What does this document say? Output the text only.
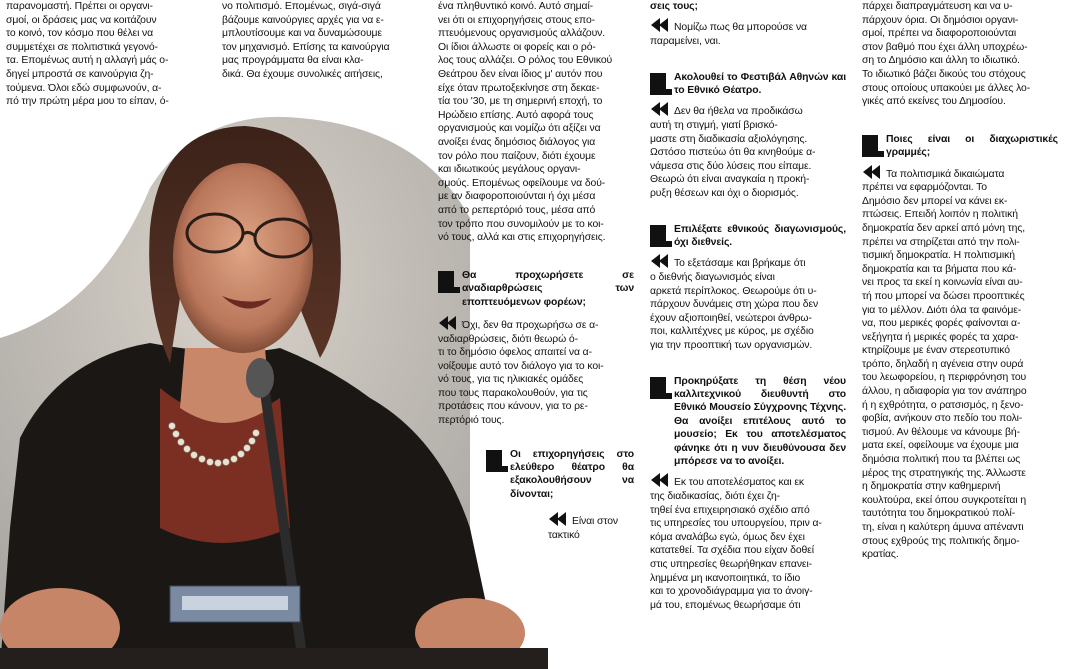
παρανομαστή. Πρέπει οι οργανι-
σμοί, οι δράσεις μας να κοιτάζουν
το κοινό, τον κόσμο που θέλει να
συμμετέχει σε πολιτιστικά γεγονό-
τα. Επομένως αυτή η αλλαγή μάς ο-
δηγεί μπροστά σε καινούργια ζη-
τούμενα. Όλοι εδώ συμφωνούν, α-
πό την πρώτη μέρα μου το είπαν, ό-
νο πολιτισμό. Επομένως, σιγά-σιγά
βάζουμε καινούργιες αρχές για να ε-
μπλουτίσουμε και να δυναμώσουμε
τον μηχανισμό. Επίσης τα καινούργια
μας προγράμματα θα είναι κλα-
δικά. Θα έχουμε συνολικές αιτήσεις,
ένα πληθυντικό κοινό. Αυτό σημαί-
νει ότι οι επιχορηγήσεις στους επο-
πτευόμενους οργανισμούς αλλάζουν.
Οι ίδιοι άλλωστε οι φορείς και ο ρό-
λος τους αλλάζει. Ο ρόλος του Εθνικού
Θεάτρου δεν είναι ίδιος μ' αυτόν που
είχε όταν πρωτοξεκίνησε στη δεκαε-
τία του '30, με τη σημερινή εποχή, το
Ηρώδειο επίσης. Αυτό αφορά τους
οργανισμούς και νομίζω ότι αξίζει να
ανοίξει ένας δημόσιος διάλογος για
τον ρόλο που παίζουν, διότι έχουμε
και ιδιωτικούς μεγάλους οργανι-
σμούς. Επομένως οφείλουμε να δού-
με αν διαφοροποιούνται ή όχι μέσα
από το ρεπερτόριό τους, μέσα από
τον τρόπο που συνομιλούν με το κοι-
νό τους, αλλά και στις επιχορηγήσεις.
Θα προχωρήσετε σε αναδιαρθρώσεις των εποπτευόμενων φορέων;
Όχι, δεν θα προχωρήσω σε α-
ναδιαρθρώσεις, διότι θεωρώ ό-
τι το δημόσιο όφελος απαιτεί να α-
νοίξουμε αυτό τον διάλογο για το κοι-
νό τους, για τις ηλικιακές ομάδες
που τους παρακολουθούν, για τις
προτάσεις που κάνουν, για το ρε-
περτόριό τους.
Οι επιχορηγήσεις στο ελεύθερο θέατρο θα εξακολουθήσουν να δίνονται;
Είναι στον
τακτικό
σεις τους;
Νομίζω πως θα μπορούσε να
παραμείνει, ναι.
Ακολουθεί το Φεστιβάλ Αθηνών και το Εθνικό Θέατρο.
Δεν θα ήθελα να προδικάσω
αυτή τη στιγμή, γιατί βρισκό-
μαστε στη διαδικασία αξιολόγησης.
Ωστόσο πιστεύω ότι θα κινηθούμε α-
νάμεσα στις δύο λύσεις που είπαμε.
Θεωρώ ότι είναι αναγκαία η προκή-
ρυξη θέσεων και όχι ο διορισμός.
Επιλέξατε εθνικούς διαγωνισμούς, όχι διεθνείς.
Το εξετάσαμε και βρήκαμε ότι
ο διεθνής διαγωνισμός είναι
αρκετά περίπλοκος. Θεωρούμε ότι υ-
πάρχουν δυνάμεις στη χώρα που δεν
έχουν αξιοποιηθεί, νεώτεροι άνθρω-
ποι, καλλιτέχνες με κύρος, με σχέδιο
για την προοπτική των οργανισμών.
Προκηρύξατε τη θέση νέου καλλιτεχνικού διευθυντή στο Εθνικό Μουσείο Σύγχρονης Τέχνης. Θα ανοίξει επιτέλους αυτό το μουσείο; Εκ του αποτελέσματος φάνηκε ότι η νυν διευθύνουσα δεν μπόρεσε να το ανοίξει.
Εκ του αποτελέσματος και εκ
της διαδικασίας, διότι έχει ζη-
τηθεί ένα επιχειρησιακό σχέδιο από
τις υπηρεσίες του υπουργείου, πριν α-
κόμα αναλάβω εγώ, όμως δεν έχει
κατατεθεί. Τα σχέδια που είχαν δοθεί
στις υπηρεσίες θεωρήθηκαν επανει-
λημμένα μη ικανοποιητικά, το ίδιο
και το χρονοδιάγραμμα για το άνοιγ-
μά του, επομένως θεωρήσαμε ότι
πάρχει διαπραγμάτευση και να υ-
πάρχουν όρια. Οι δημόσιοι οργανι-
σμοί, πρέπει να διαφοροποιούνται
στον βαθμό που έχει άλλη υποχρέω-
ση το Δημόσιο και άλλη το ιδιωτικό.
Το ιδιωτικό βάζει δικούς του στόχους
στους οποίους υπακούει με άλλες λο-
γικές από εκείνες του Δημοσίου.
Ποιες είναι οι διαχωριστικές γραμμές;
Τα πολιτισμικά δικαιώματα
πρέπει να εφαρμόζονται. Το
Δημόσιο δεν μπορεί να κάνει εκ-
πτώσεις. Επειδή λοιπόν η πολιτική
δημοκρατία δεν αρκεί από μόνη της,
πρέπει να στηρίζεται από την πολι-
τισμική δημοκρατία. Η πολιτισμική
δημοκρατία και τα βήματα που κά-
νει προς τα εκεί η κοινωνία είναι αυ-
τή που μπορεί να δώσει προοπτικές
για το μέλλον. Διότι όλα τα φαινόμε-
να, που μερικές φορές φαίνονται α-
νεξήγητα ή μερικές φορές τα χαρα-
κτηρίζουμε με έναν στερεοτυπικό
τρόπο, δηλαδή η αγένεια στην ουρά
του λεωφορείου, η περιφρόνηση του
άλλου, η αδιαφορία για τον ανάπηρο
ή η εχθρότητα, ο ρατσισμός, η ξενο-
φοβία, ανήκουν στο πεδίο του πολι-
τισμού. Αν θέλουμε να κάνουμε βή-
ματα εκεί, οφείλουμε να έχουμε μια
δημόσια πολιτική που τα βλέπει ως
μέρος της στρατηγικής της. Άλλωστε
η δημοκρατία στην καθημερινή
κουλτούρα, εκεί όπου συγκροτείται η
ταυτότητα του δημοκρατικού πολί-
τη, είναι η καλύτερη άμυνα απέναντι
στους εχθρούς της πολιτικής δημο-
κρατίας.
